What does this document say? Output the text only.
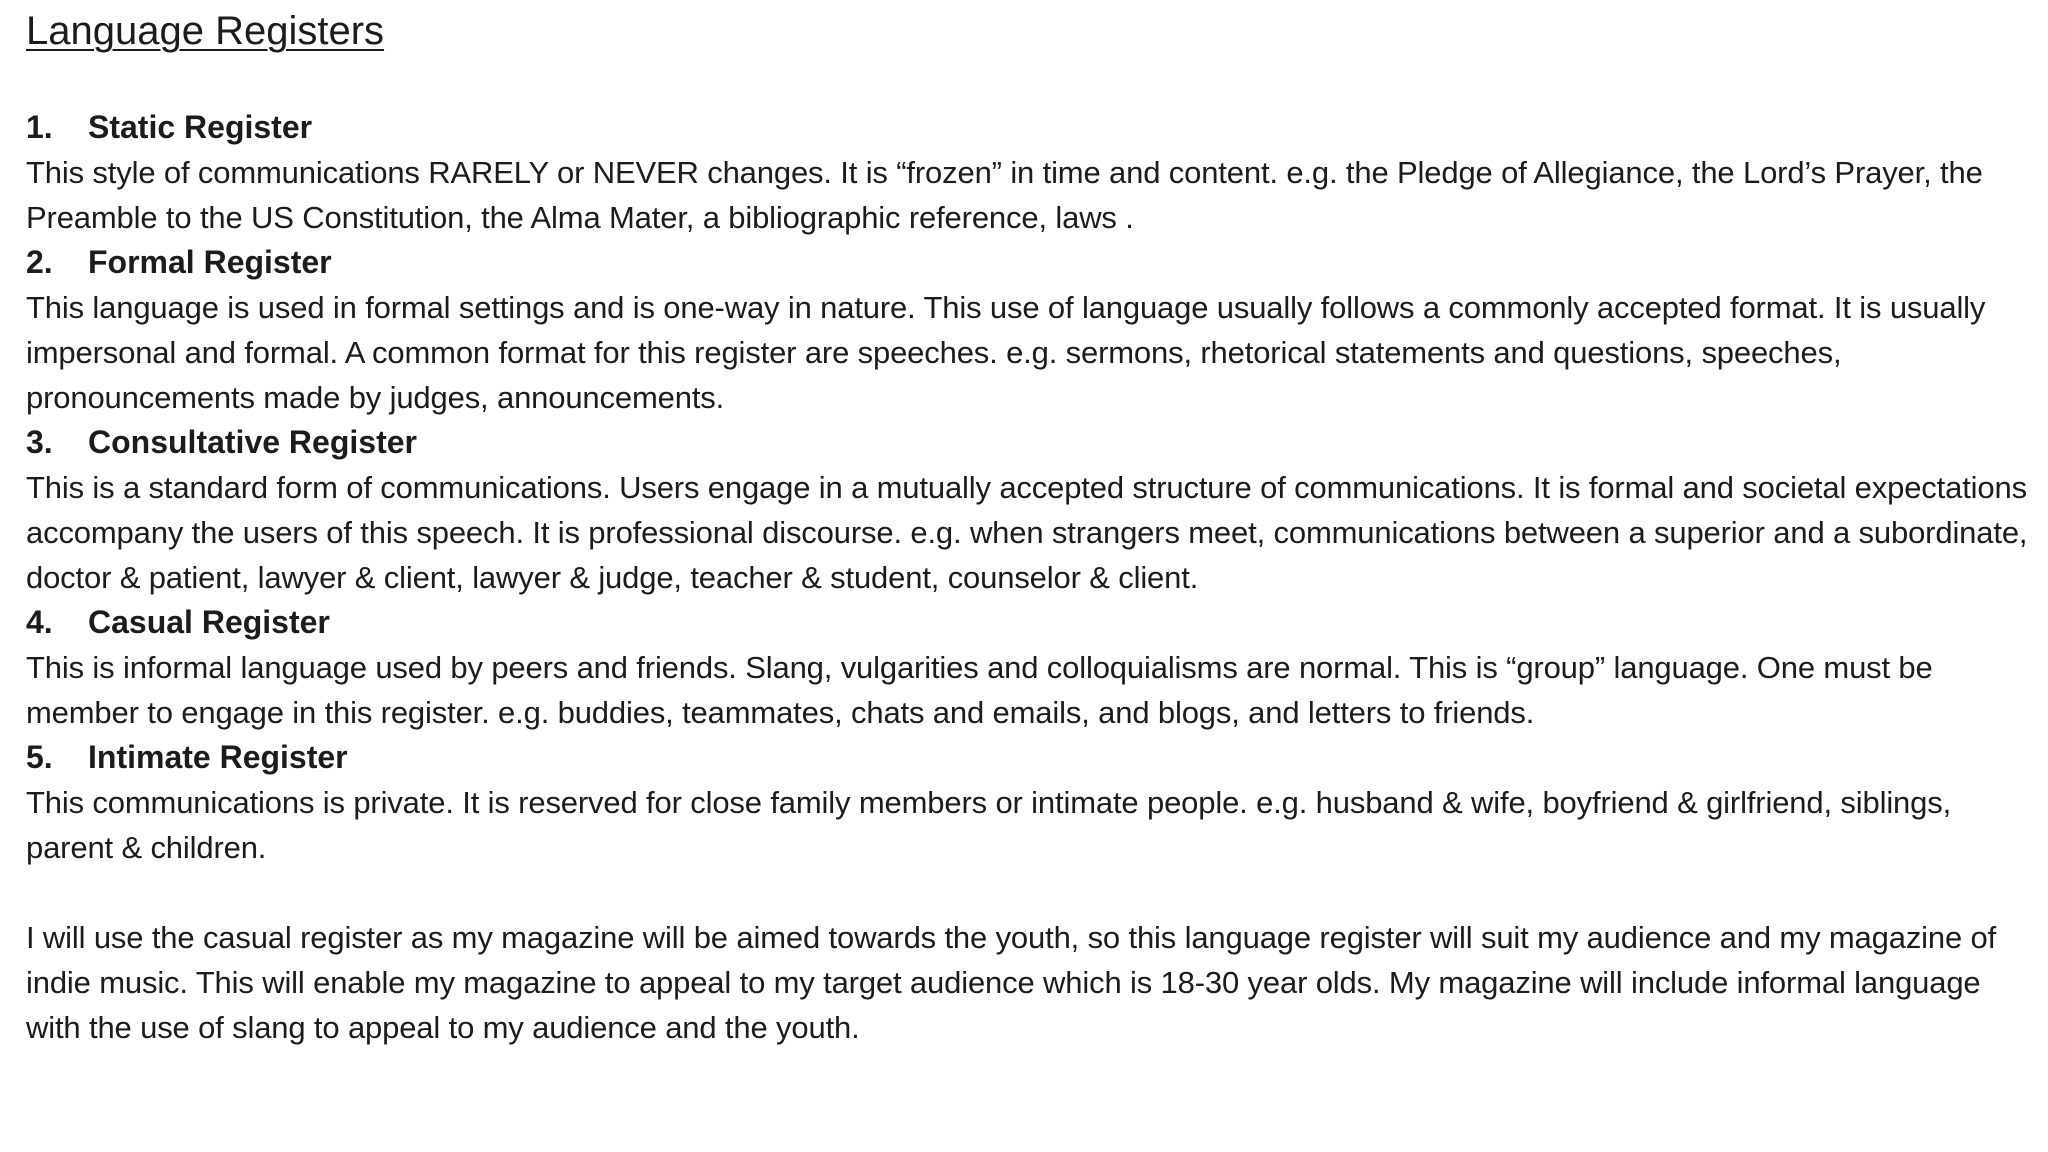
Language Registers
1. Static Register

This style of communications RARELY or NEVER changes. It is “frozen” in time and content. e.g. the Pledge of Allegiance, the Lord’s Prayer, the Preamble to the US Constitution, the Alma Mater, a bibliographic reference, laws .

2. Formal Register

This language is used in formal settings and is one-way in nature. This use of language usually follows a commonly accepted format. It is usually impersonal and formal. A common format for this register are speeches. e.g. sermons, rhetorical statements and questions, speeches, pronouncements made by judges, announcements.

3. Consultative Register

This is a standard form of communications. Users engage in a mutually accepted structure of communications. It is formal and societal expectations accompany the users of this speech. It is professional discourse. e.g. when strangers meet, communications between a superior and a subordinate, doctor & patient, lawyer & client, lawyer & judge, teacher & student, counselor & client.

4. Casual Register

This is informal language used by peers and friends. Slang, vulgarities and colloquialisms are normal. This is “group” language. One must be member to engage in this register. e.g. buddies, teammates, chats and emails, and blogs, and letters to friends.

5. Intimate Register

This communications is private. It is reserved for close family members or intimate people. e.g. husband & wife, boyfriend & girlfriend, siblings, parent & children.

I will use the casual register as my magazine will be aimed towards the youth, so this language register will suit my audience and my magazine of indie music. This will enable my magazine to appeal to my target audience which is 18-30 year olds. My magazine will include informal language with the use of slang to appeal to my audience and the youth.
